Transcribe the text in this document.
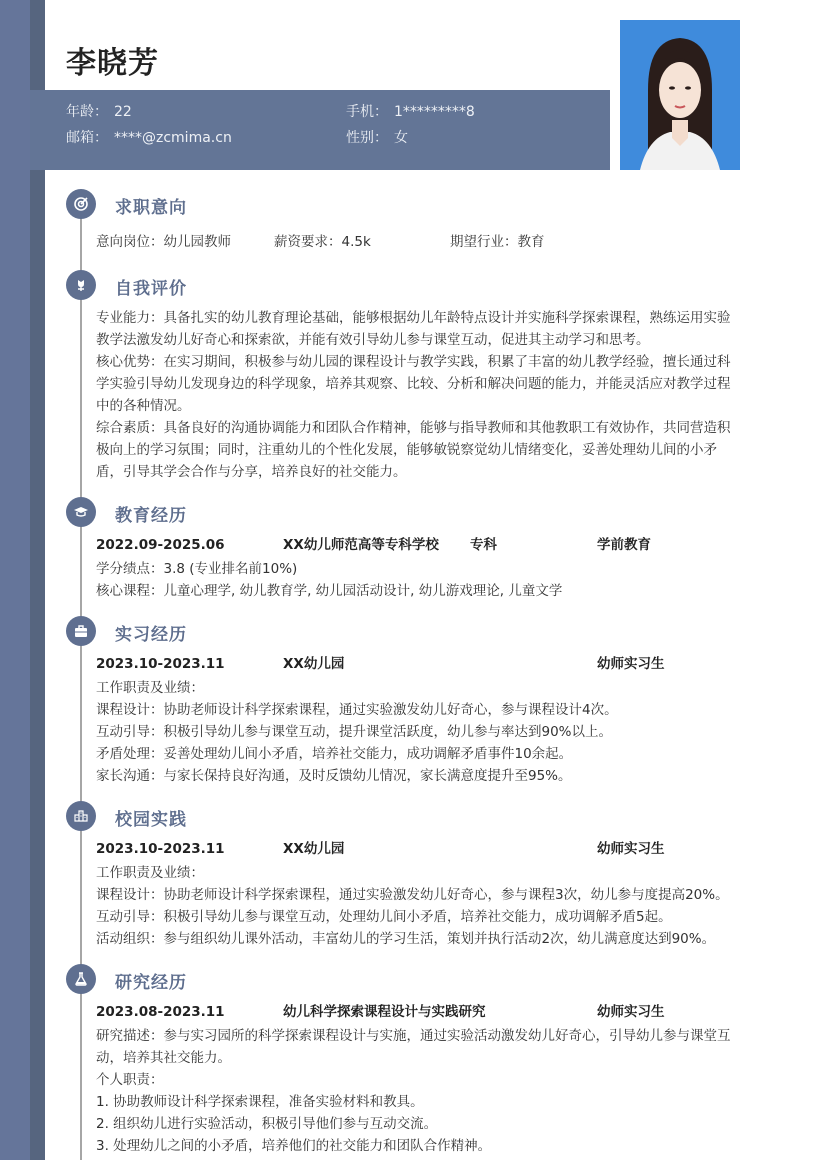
李晓芳
年龄： 22	手机： 1*********8
邮箱： ****@zcmima.cn	性别： 女
求职意向
意向岗位：幼儿园教师	薪资要求：4.5k	期望行业：教育
自我评价
专业能力：具备扎实的幼儿教育理论基础，能够根据幼儿年龄特点设计并实施科学探索课程，熟练运用实验
教学法激发幼儿好奇心和探索欲，并能有效引导幼儿参与课堂互动，促进其主动学习和思考。
核心优势：在实习期间，积极参与幼儿园的课程设计与教学实践，积累了丰富的幼儿教学经验，擅长通过科
学实验引导幼儿发现身边的科学现象，培养其观察、比较、分析和解决问题的能力，并能灵活应对教学过程
中的各种情况。
综合素质：具备良好的沟通协调能力和团队合作精神，能够与指导教师和其他教职工有效协作，共同营造积
极向上的学习氛围；同时，注重幼儿的个性化发展，能够敏锐察觉幼儿情绪变化，妥善处理幼儿间的小矛
盾，引导其学会合作与分享，培养良好的社交能力。
教育经历
2022.09-2025.06	XX幼儿师范高等专科学校 专科	学前教育
学分绩点：3.8 (专业排名前10%)
核心课程：儿童心理学, 幼儿教育学, 幼儿园活动设计, 幼儿游戏理论, 儿童文学
实习经历
2023.10-2023.11	XX幼儿园	幼师实习生
工作职责及业绩：
课程设计：协助老师设计科学探索课程，通过实验激发幼儿好奇心，参与课程设计4次。
互动引导：积极引导幼儿参与课堂互动，提升课堂活跃度，幼儿参与率达到90%以上。
矛盾处理：妥善处理幼儿间小矛盾，培养社交能力，成功调解矛盾事件10余起。
家长沟通：与家长保持良好沟通，及时反馈幼儿情况，家长满意度提升至95%。
校园实践
2023.10-2023.11	XX幼儿园	幼师实习生
工作职责及业绩：
课程设计：协助老师设计科学探索课程，通过实验激发幼儿好奇心，参与课程3次，幼儿参与度提高20%。
互动引导：积极引导幼儿参与课堂互动，处理幼儿间小矛盾，培养社交能力，成功调解矛盾5起。
活动组织：参与组织幼儿课外活动，丰富幼儿的学习生活，策划并执行活动2次，幼儿满意度达到90%。
研究经历
2023.08-2023.11	幼儿科学探索课程设计与实践研究	幼师实习生
研究描述：参与实习园所的科学探索课程设计与实施，通过实验活动激发幼儿好奇心，引导幼儿参与课堂互
动，培养其社交能力。
个人职责：
1. 协助教师设计科学探索课程，准备实验材料和教具。
2. 组织幼儿进行实验活动，积极引导他们参与互动交流。
3. 处理幼儿之间的小矛盾，培养他们的社交能力和团队合作精神。
